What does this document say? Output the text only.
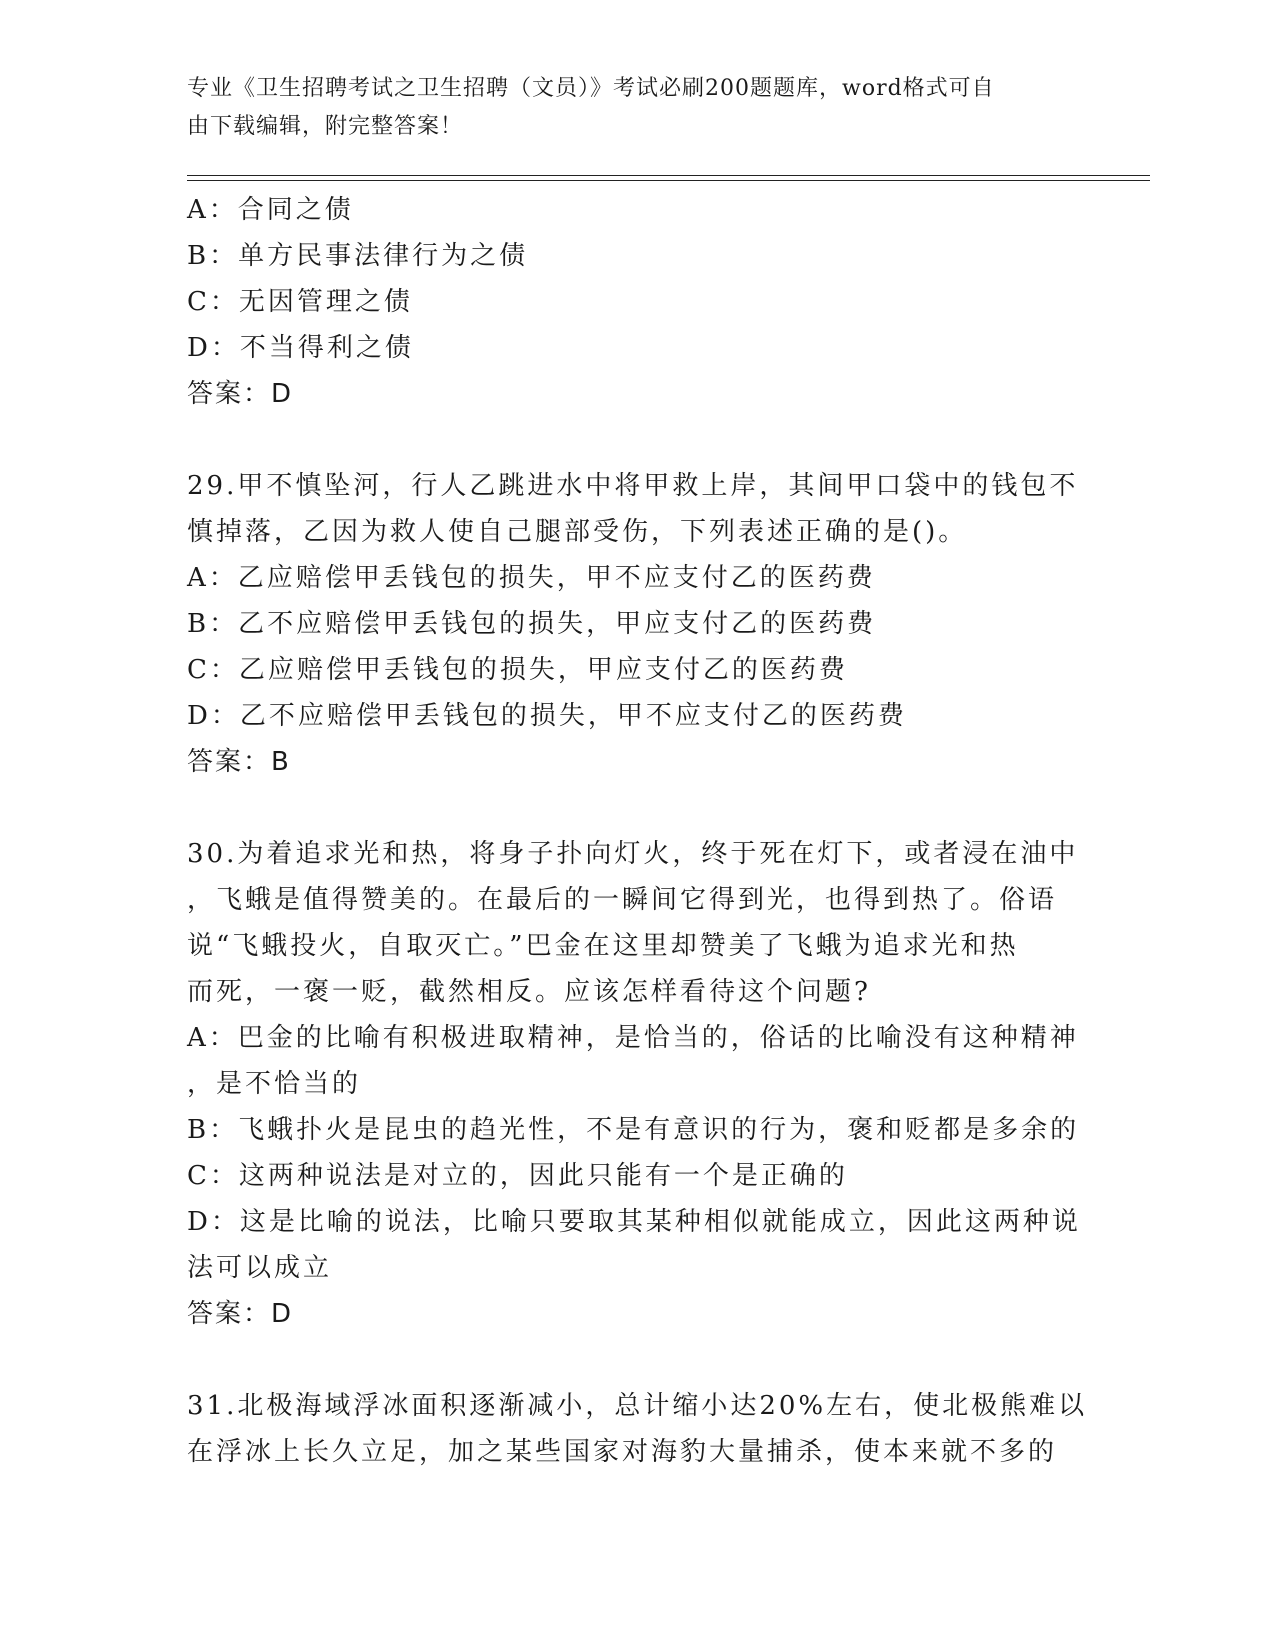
专业《卫生招聘考试之卫生招聘（文员）》考试必刷200题题库，word格式可自
由下载编辑，附完整答案！
A：合同之债
B：单方民事法律行为之债
C：无因管理之债
D：不当得利之债
答案：D
29.甲不慎坠河，行人乙跳进水中将甲救上岸，其间甲口袋中的钱包不
慎掉落，乙因为救人使自己腿部受伤，下列表述正确的是()。
A：乙应赔偿甲丢钱包的损失，甲不应支付乙的医药费
B：乙不应赔偿甲丢钱包的损失，甲应支付乙的医药费
C：乙应赔偿甲丢钱包的损失，甲应支付乙的医药费
D：乙不应赔偿甲丢钱包的损失，甲不应支付乙的医药费
答案：B
30.为着追求光和热，将身子扑向灯火，终于死在灯下，或者浸在油中
，飞蛾是值得赞美的。在最后的一瞬间它得到光，也得到热了。俗语
说“飞蛾投火，自取灭亡。”巴金在这里却赞美了飞蛾为追求光和热
而死，一褒一贬，截然相反。应该怎样看待这个问题?
A：巴金的比喻有积极进取精神，是恰当的，俗话的比喻没有这种精神
，是不恰当的
B：飞蛾扑火是昆虫的趋光性，不是有意识的行为，褒和贬都是多余的
C：这两种说法是对立的，因此只能有一个是正确的
D：这是比喻的说法，比喻只要取其某种相似就能成立，因此这两种说
法可以成立
答案：D
31.北极海域浮冰面积逐渐减小，总计缩小达20%左右，使北极熊难以
在浮冰上长久立足，加之某些国家对海豹大量捕杀，使本来就不多的
